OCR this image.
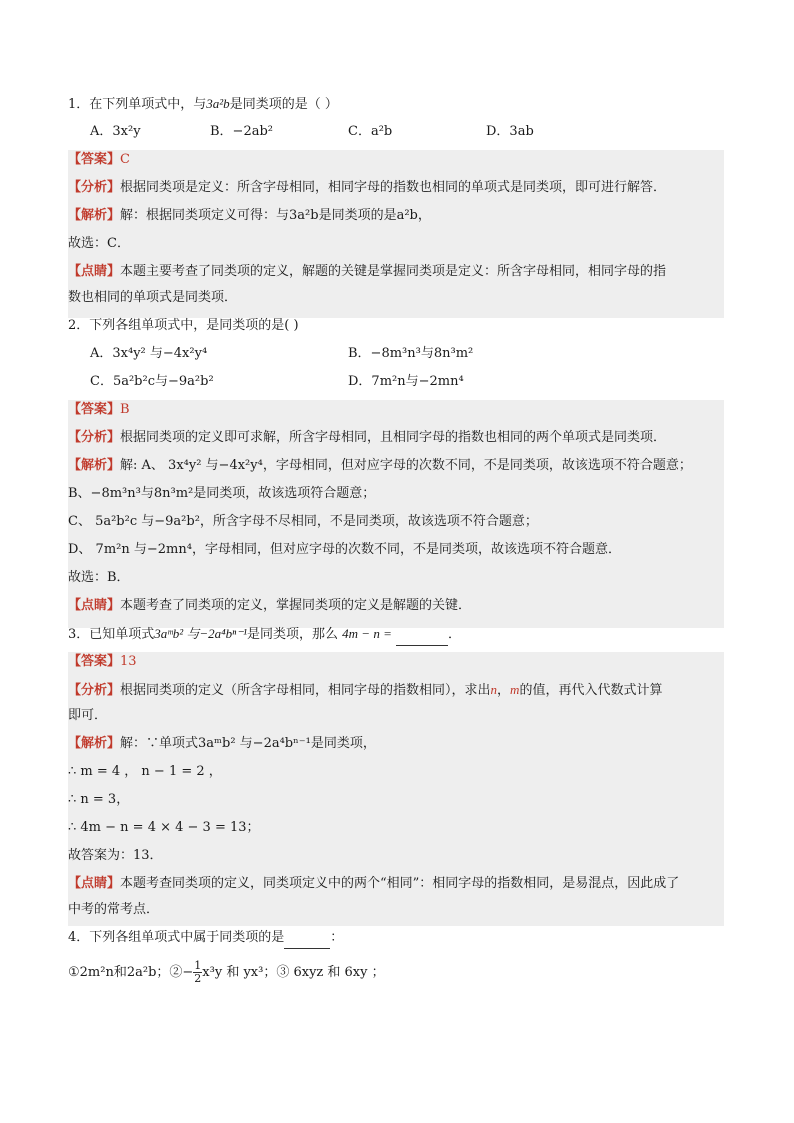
1．在下列单项式中，与3a²b是同类项的是（ ）
A．3x²y	B．−2ab²	C．a²b	D．3ab
【答案】C
【分析】根据同类项是定义：所含字母相同，相同字母的指数也相同的单项式是同类项，即可进行解答．
【解析】解：根据同类项定义可得：与3a²b是同类项的是a²b，
故选：C．
【点睛】本题主要考查了同类项的定义，解题的关键是掌握同类项是定义：所含字母相同，相同字母的指
数也相同的单项式是同类项．
2．下列各组单项式中，是同类项的是( )
A．3x⁴y² 与−4x²y⁴	B．−8m³n³与8n³m²
C．5a²b²c与−9a²b²	D．7m²n与−2mn⁴
【答案】B
【分析】根据同类项的定义即可求解，所含字母相同，且相同字母的指数也相同的两个单项式是同类项．
【解析】解: A、 3x⁴y² 与−4x²y⁴，字母相同，但对应字母的次数不同，不是同类项，故该选项不符合题意；
B、−8m³n³与8n³m²是同类项，故该选项符合题意；
C、 5a²b²c 与−9a²b²，所含字母不尽相同，不是同类项，故该选项不符合题意；
D、 7m²n 与−2mn⁴，字母相同，但对应字母的次数不同，不是同类项，故该选项不符合题意．
故选：B．
【点睛】本题考查了同类项的定义，掌握同类项的定义是解题的关键．
3．已知单项式3aᵐb² 与−2a⁴bⁿ⁻¹是同类项，那么 4m − n =	．
【答案】13
【分析】根据同类项的定义（所含字母相同，相同字母的指数相同），求出n，m的值，再代入代数式计算
即可．
【解析】解：∵单项式3aᵐb² 与−2a⁴bⁿ⁻¹是同类项，
∴ m = 4 ， n − 1 = 2 ，
∴ n = 3，
∴ 4m − n = 4 × 4 − 3 = 13；
故答案为：13．
【点睛】本题考查同类项的定义，同类项定义中的两个“相同”：相同字母的指数相同，是易混点，因此成了
中考的常考点．
4．下列各组单项式中属于同类项的是	：
①2m²n和2a²b；②− $\frac{1}{2} x^3y$ 和 yx³；③ 6xyz 和 6xy ；
